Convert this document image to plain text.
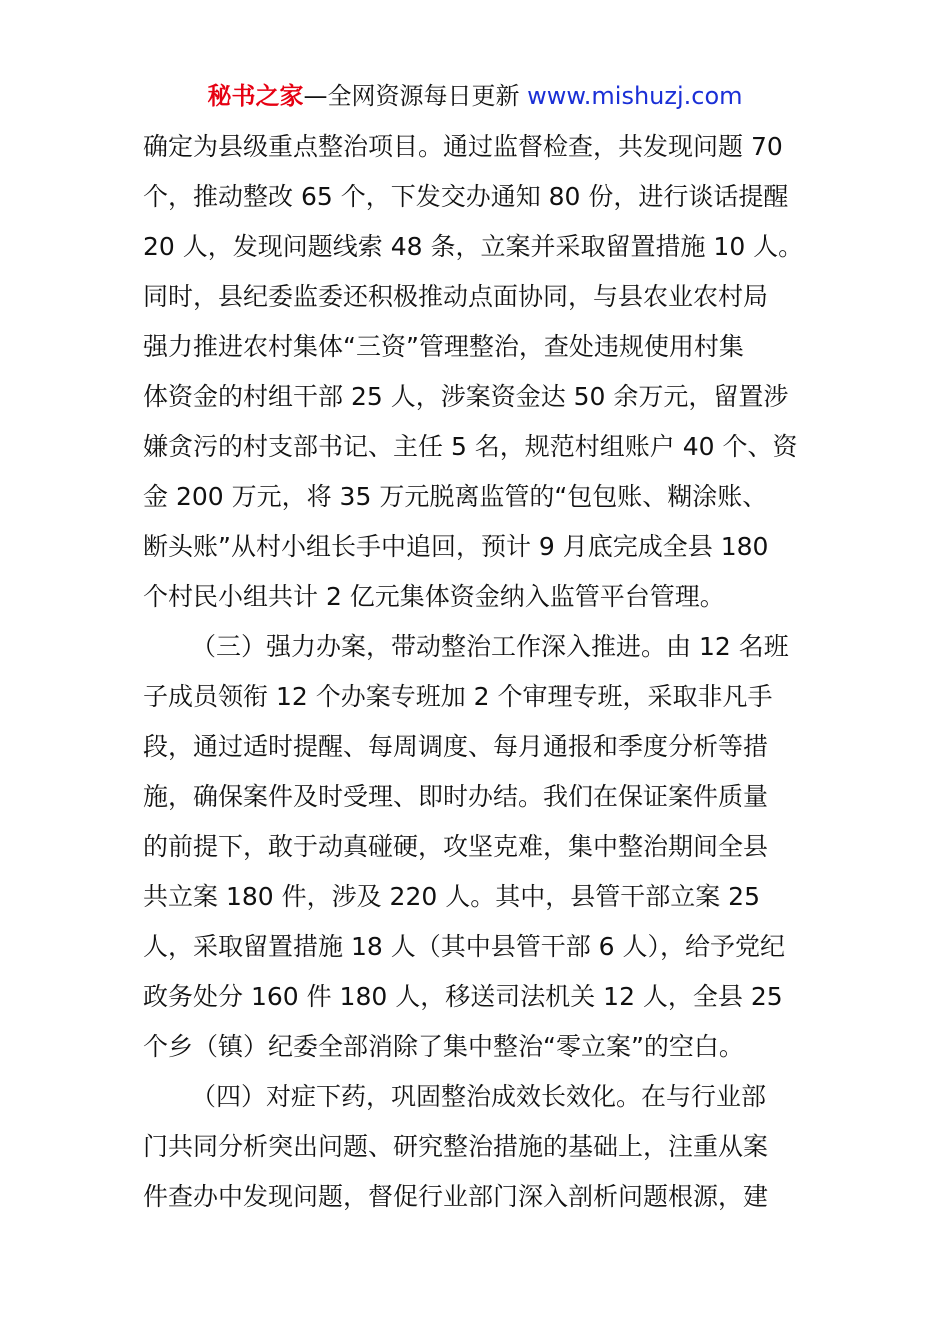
秘书之家—全网资源每日更新 www.mishuzj.com
确定为县级重点整治项目。通过监督检查，共发现问题 70
个，推动整改 65 个，下发交办通知 80 份，进行谈话提醒
20 人，发现问题线索 48 条，立案并采取留置措施 10 人。
同时，县纪委监委还积极推动点面协同，与县农业农村局
强力推进农村集体“三资”管理整治，查处违规使用村集
体资金的村组干部 25 人，涉案资金达 50 余万元，留置涉
嫌贪污的村支部书记、主任 5 名，规范村组账户 40 个、资
金 200 万元，将 35 万元脱离监管的“包包账、糊涂账、
断头账”从村小组长手中追回，预计 9 月底完成全县 180
个村民小组共计 2 亿元集体资金纳入监管平台管理。
（三）强力办案，带动整治工作深入推进。由 12 名班
子成员领衔 12 个办案专班加 2 个审理专班，采取非凡手
段，通过适时提醒、每周调度、每月通报和季度分析等措
施，确保案件及时受理、即时办结。我们在保证案件质量
的前提下，敢于动真碰硬，攻坚克难，集中整治期间全县
共立案 180 件，涉及 220 人。其中，县管干部立案 25
人，采取留置措施 18 人（其中县管干部 6 人），给予党纪
政务处分 160 件 180 人，移送司法机关 12 人，全县 25
个乡（镇）纪委全部消除了集中整治“零立案”的空白。
（四）对症下药，巩固整治成效长效化。在与行业部
门共同分析突出问题、研究整治措施的基础上，注重从案
件查办中发现问题，督促行业部门深入剖析问题根源，建
